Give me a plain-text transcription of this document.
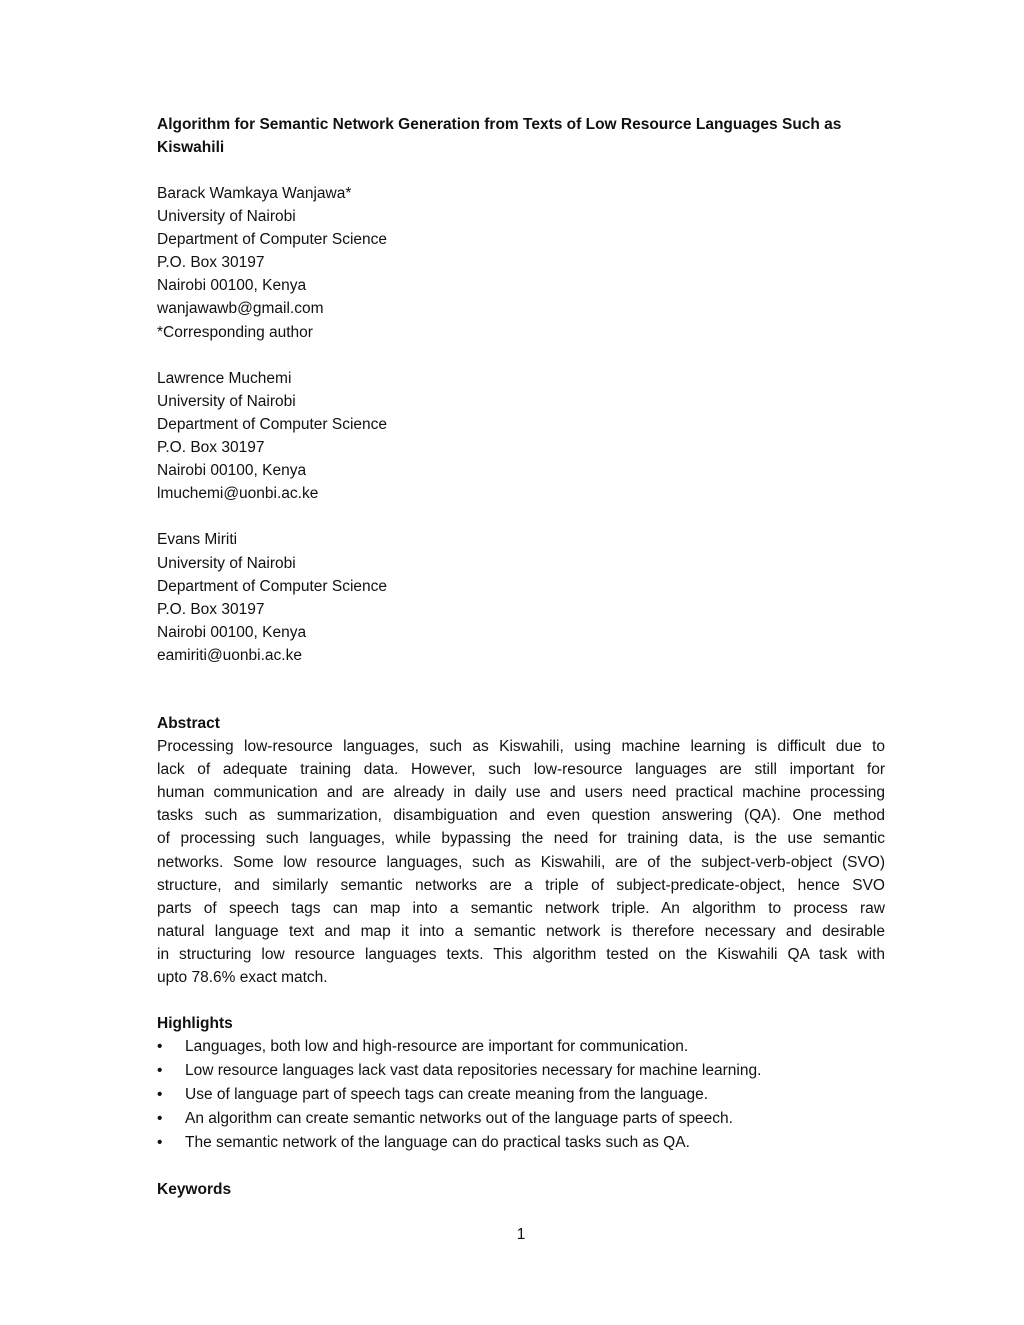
Algorithm for Semantic Network Generation from Texts of Low Resource Languages Such as
Kiswahili
Barack Wamkaya Wanjawa*
University of Nairobi
Department of Computer Science
P.O. Box 30197
Nairobi 00100, Kenya
wanjawawb@gmail.com
*Corresponding author
Lawrence Muchemi
University of Nairobi
Department of Computer Science
P.O. Box 30197
Nairobi 00100, Kenya
lmuchemi@uonbi.ac.ke
Evans Miriti
University of Nairobi
Department of Computer Science
P.O. Box 30197
Nairobi 00100, Kenya
eamiriti@uonbi.ac.ke
Abstract
Processing low-resource languages, such as Kiswahili, using machine learning is difficult due to
lack of adequate training data. However, such low-resource languages are still important for
human communication and are already in daily use and users need practical machine processing
tasks such as summarization, disambiguation and even question answering (QA). One method
of processing such languages, while bypassing the need for training data, is the use semantic
networks. Some low resource languages, such as Kiswahili, are of the subject-verb-object (SVO)
structure, and similarly semantic networks are a triple of subject-predicate-object, hence SVO
parts of speech tags can map into a semantic network triple. An algorithm to process raw
natural language text and map it into a semantic network is therefore necessary and desirable
in structuring low resource languages texts. This algorithm tested on the Kiswahili QA task with
upto 78.6% exact match.
Highlights
• Languages, both low and high-resource are important for communication.
• Low resource languages lack vast data repositories necessary for machine learning.
• Use of language part of speech tags can create meaning from the language.
• An algorithm can create semantic networks out of the language parts of speech.
• The semantic network of the language can do practical tasks such as QA.
Keywords
1
